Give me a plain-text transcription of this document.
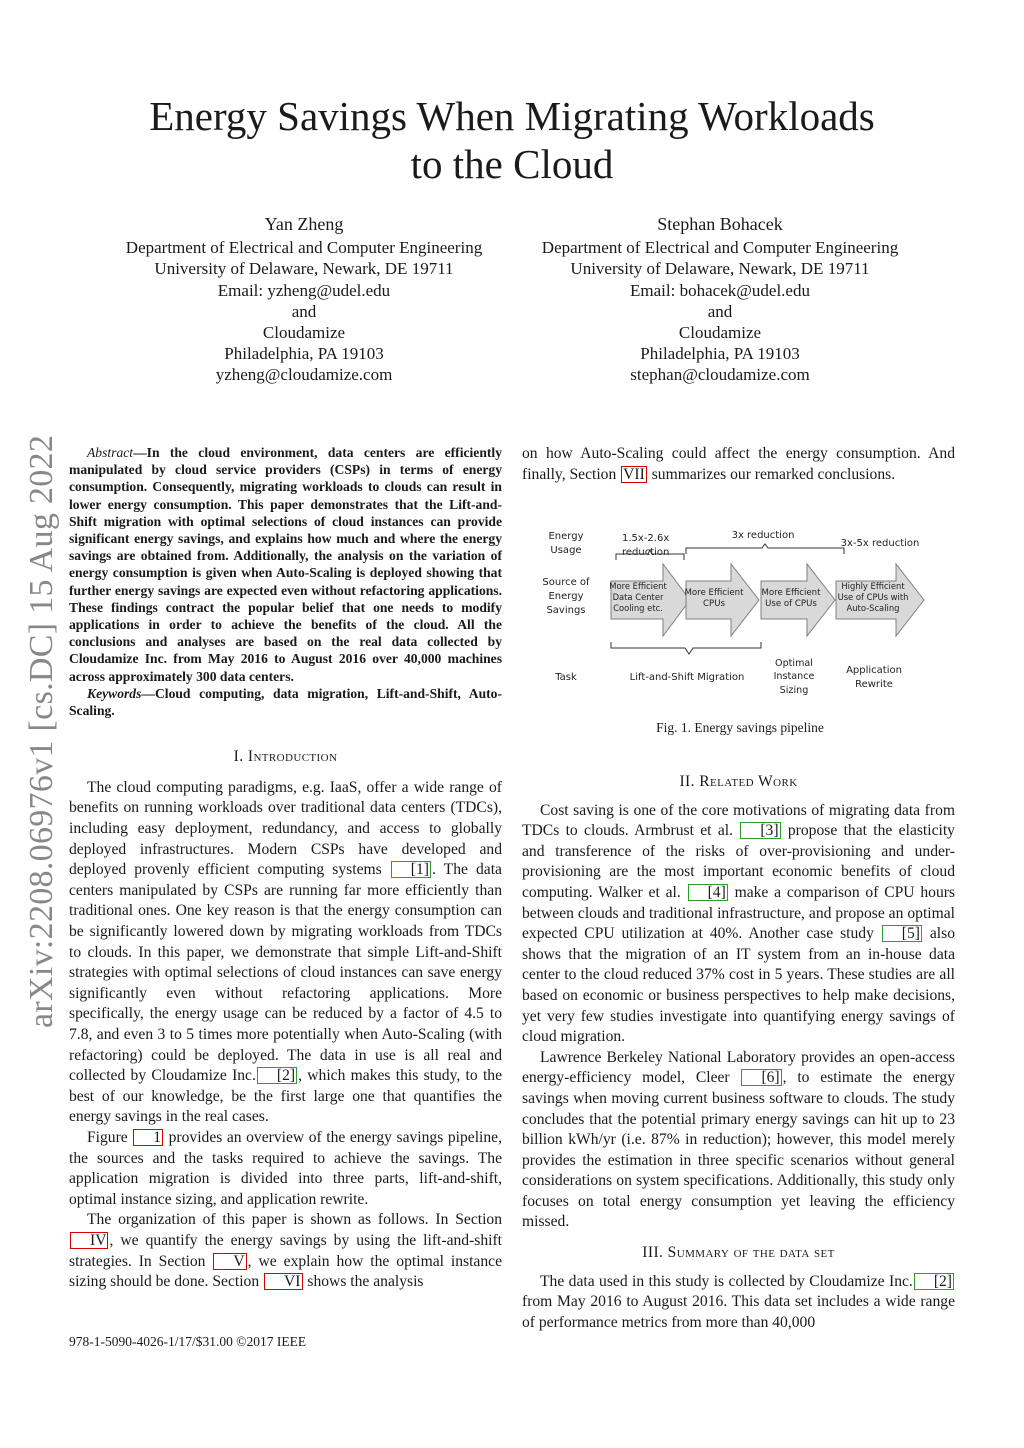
arXiv:2208.06976v1 [cs.DC] 15 Aug 2022
Energy Savings When Migrating Workloads
to the Cloud
Yan Zheng
Department of Electrical and Computer Engineering
University of Delaware, Newark, DE 19711
Email: yzheng@udel.edu
and
Cloudamize
Philadelphia, PA 19103
yzheng@cloudamize.com
Stephan Bohacek
Department of Electrical and Computer Engineering
University of Delaware, Newark, DE 19711
Email: bohacek@udel.edu
and
Cloudamize
Philadelphia, PA 19103
stephan@cloudamize.com

Abstract—In the cloud environment, data centers are efficiently manipulated by cloud service providers (CSPs) in terms of energy consumption. Consequently, migrating workloads to clouds can result in lower energy consumption. This paper demonstrates that the Lift-and-Shift migration with optimal selections of cloud instances can provide significant energy savings, and explains how much and where the energy savings are obtained from. Additionally, the analysis on the variation of energy consumption is given when Auto-Scaling is deployed showing that further energy savings are expected even without refactoring applications. These findings contract the popular belief that one needs to modify applications in order to achieve the benefits of the cloud. All the conclusions and analyses are based on the real data collected by Cloudamize Inc. from May 2016 to August 2016 over 40,000 machines across approximately 300 data centers.

Keywords—Cloud computing, data migration, Lift-and-Shift, Auto-Scaling.

I. Introduction

The cloud computing paradigms, e.g. IaaS, offer a wide range of benefits on running workloads over traditional data centers (TDCs), including easy deployment, redundancy, and access to globally deployed infrastructures. Modern CSPs have developed and deployed provenly efficient computing systems [1] . The data centers manipulated by CSPs are running far more efficiently than traditional ones. One key reason is that the energy consumption can be significantly lowered down by migrating workloads from TDCs to clouds. In this paper, we demonstrate that simple Lift-and-Shift strategies with optimal selections of cloud instances can save energy significantly even without refactoring applications. More specifically, the energy usage can be reduced by a factor of 4.5 to 7.8, and even 3 to 5 times more potentially when Auto-Scaling (with refactoring) could be deployed. The data in use is all real and collected by Cloudamize Inc. [2] , which makes this study, to the best of our knowledge, be the first large one that quantifies the energy savings in the real cases.

Figure 1 provides an overview of the energy savings pipeline, the sources and the tasks required to achieve the savings. The application migration is divided into three parts, lift-and-shift, optimal instance sizing, and application rewrite.

The organization of this paper is shown as follows. In Section IV , we quantify the energy savings by using the lift-and-shift strategies. In Section V , we explain how the optimal instance sizing should be done. Section VI shows the analysis

978-1-5090-4026-1/17/$31.00 ©2017 IEEE

on how Auto-Scaling could affect the energy consumption. And finally, Section VII summarizes our remarked conclusions.

Energy
Usage
Source of
Energy
Savings
Task
1.5x-2.6x
reduction
3x reduction
3x-5x reduction
More Efficient
Data Center
Cooling etc.
More Efficient
CPUs
More Efficient
Use of CPUs
Highly Efficient
Use of CPUs with
Auto-Scaling
Lift-and-Shift Migration
Optimal
Instance
Sizing
Application
Rewrite
Fig. 1. Energy savings pipeline
II. Related Work

Cost saving is one of the core motivations of migrating data from TDCs to clouds. Armbrust et al. [3] propose that the elasticity and transference of the risks of over-provisioning and under-provisioning are the most important economic benefits of cloud computing. Walker et al. [4] make a comparison of CPU hours between clouds and traditional infrastructure, and propose an optimal expected CPU utilization at 40%. Another case study [5] also shows that the migration of an IT system from an in-house data center to the cloud reduced 37% cost in 5 years. These studies are all based on economic or business perspectives to help make decisions, yet very few studies investigate into quantifying energy savings of cloud migration.

Lawrence Berkeley National Laboratory provides an open-access energy-efficiency model, Cleer [6] , to estimate the energy savings when moving current business software to clouds. The study concludes that the potential primary energy savings can hit up to 23 billion kWh/yr (i.e. 87% in reduction); however, this model merely provides the estimation in three specific scenarios without general considerations on system specifications. Additionally, this study only focuses on total energy consumption yet leaving the efficiency missed.

III. Summary of the data set

The data used in this study is collected by Cloudamize Inc. [2] from May 2016 to August 2016. This data set includes a wide range of performance metrics from more than 40,000
